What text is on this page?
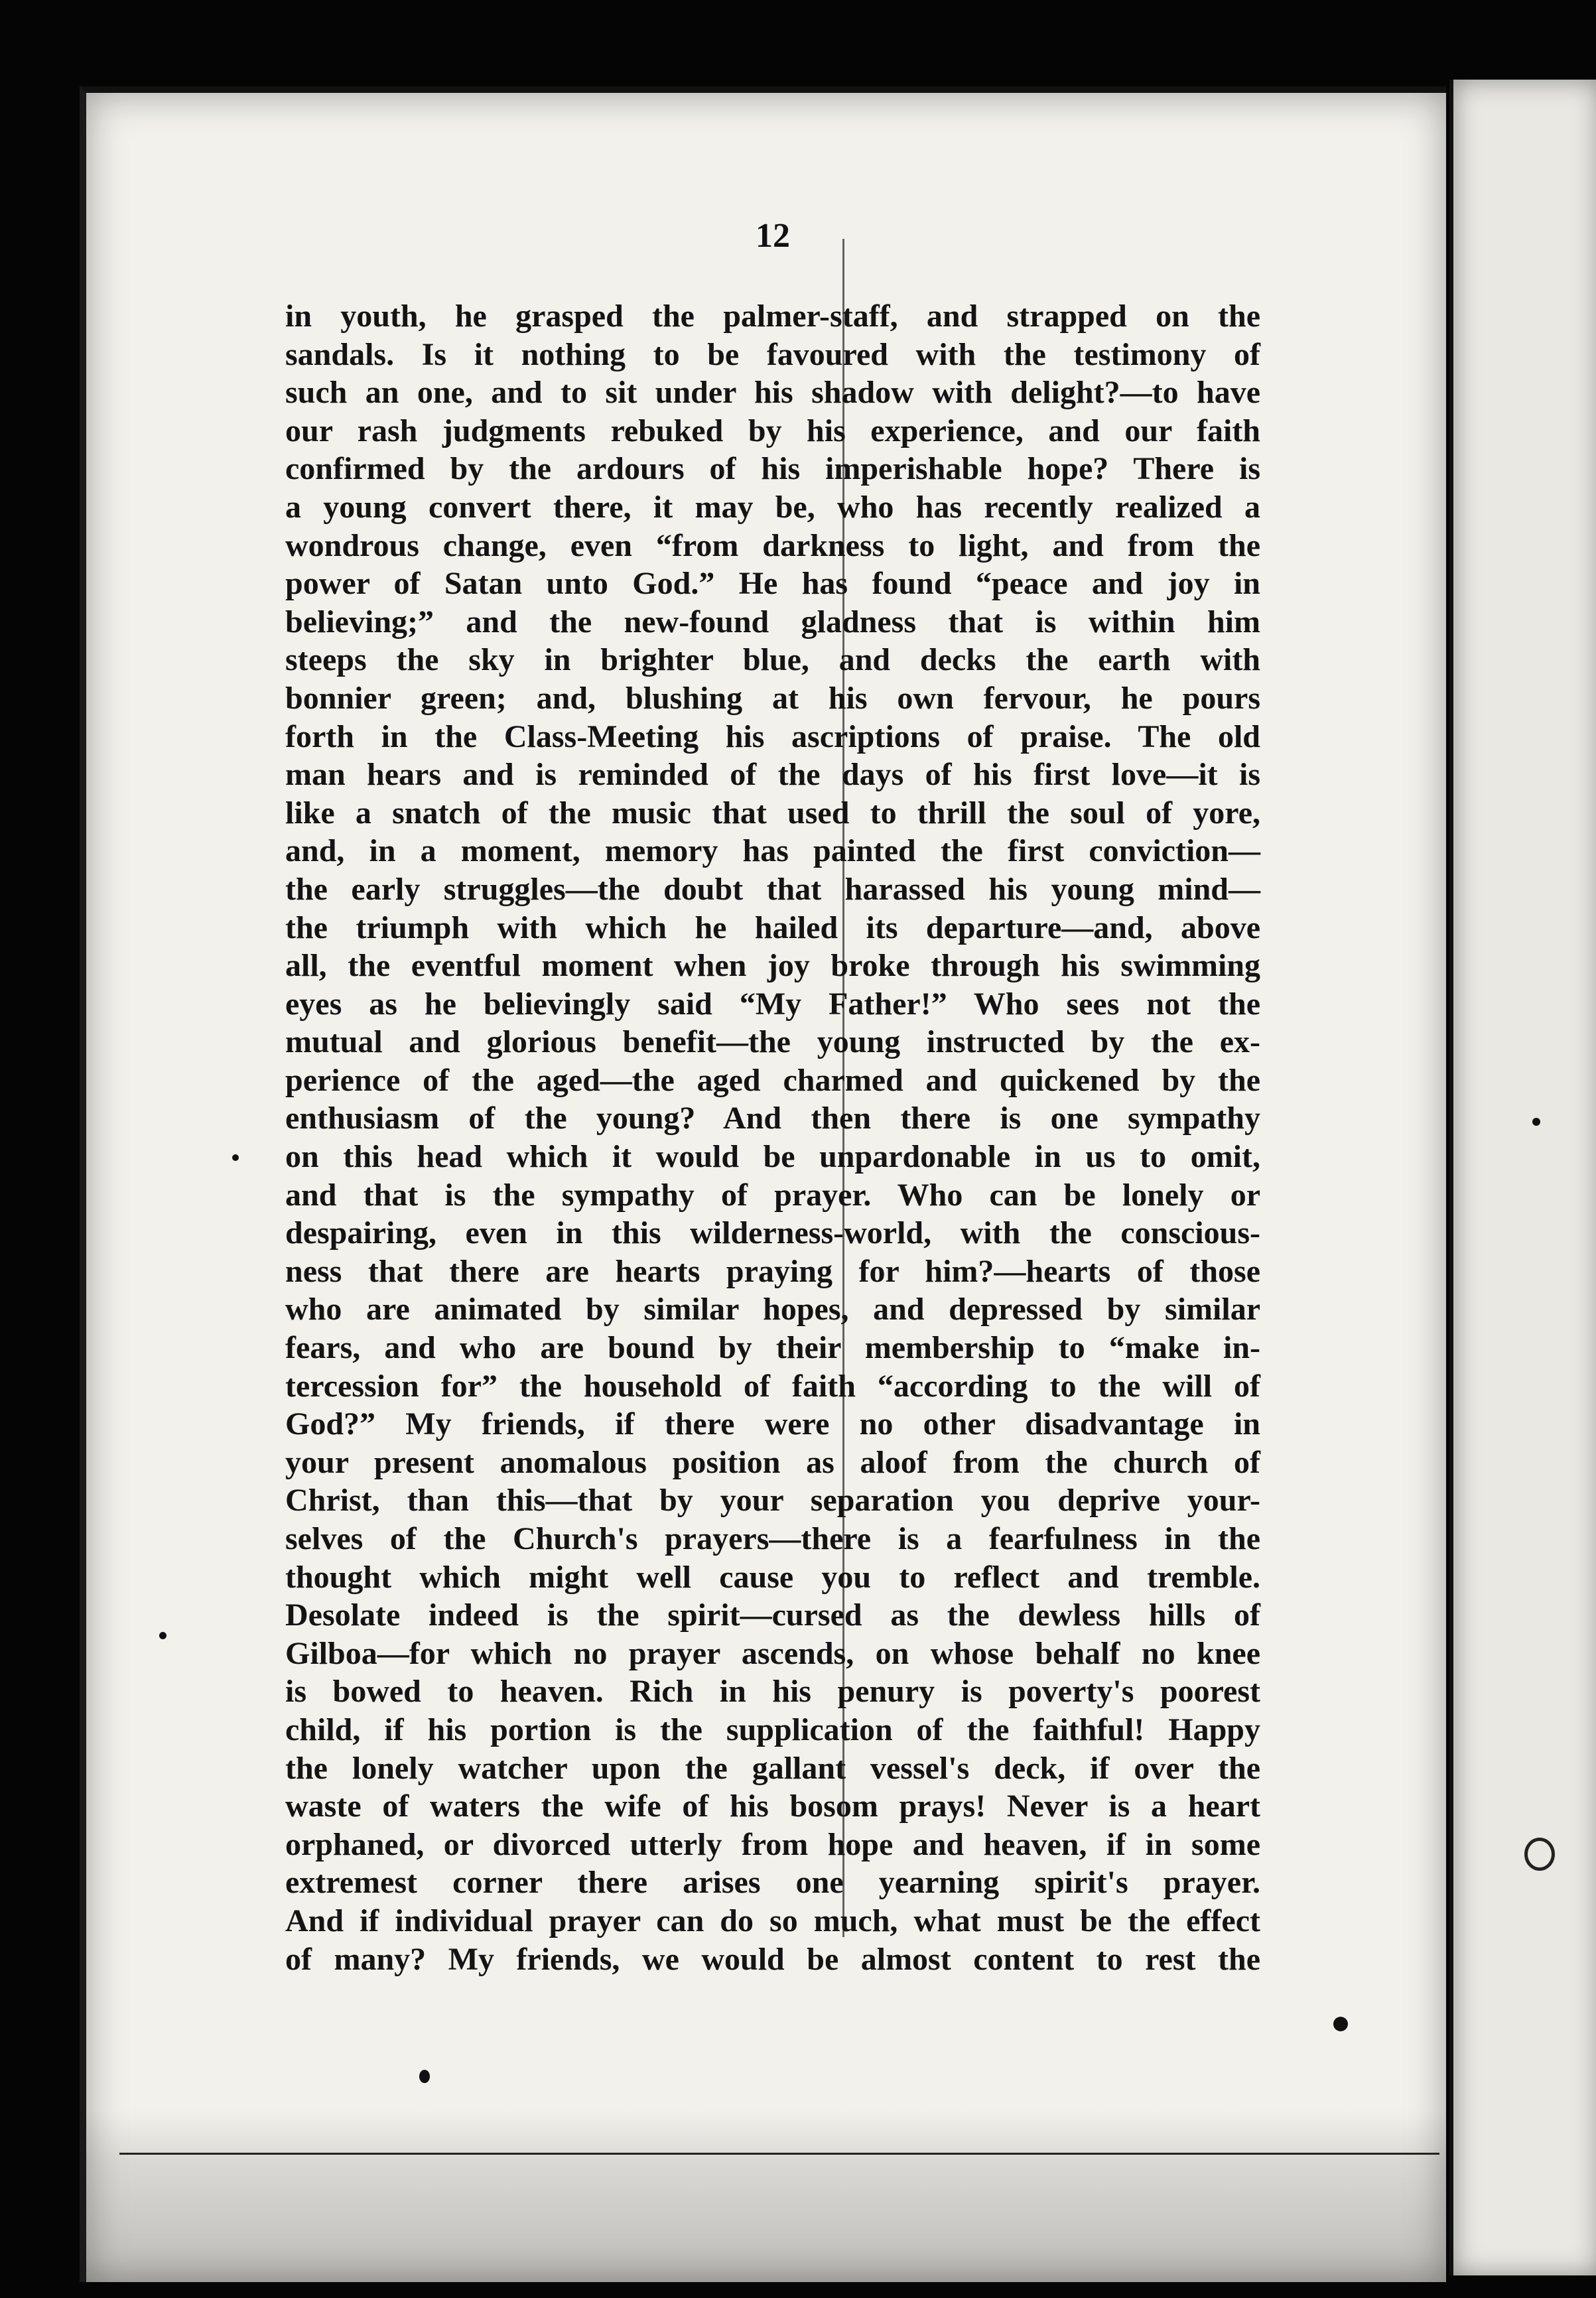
12
in youth, he grasped the palmer-staff, and strapped on the
sandals. Is it nothing to be favoured with the testimony of
such an one, and to sit under his shadow with delight?—to have
our rash judgments rebuked by his experience, and our faith
confirmed by the ardours of his imperishable hope? There is
a young convert there, it may be, who has recently realized a
wondrous change, even “from darkness to light, and from the
power of Satan unto God.” He has found “peace and joy in
believing;” and the new-found gladness that is within him
steeps the sky in brighter blue, and decks the earth with
bonnier green; and, blushing at his own fervour, he pours
forth in the Class-Meeting his ascriptions of praise. The old
man hears and is reminded of the days of his first love—it is
like a snatch of the music that used to thrill the soul of yore,
and, in a moment, memory has painted the first conviction—
the early struggles—the doubt that harassed his young mind—
the triumph with which he hailed its departure—and, above
all, the eventful moment when joy broke through his swimming
eyes as he believingly said “My Father!” Who sees not the
mutual and glorious benefit—the young instructed by the ex-
perience of the aged—the aged charmed and quickened by the
enthusiasm of the young? And then there is one sympathy
on this head which it would be unpardonable in us to omit,
and that is the sympathy of prayer. Who can be lonely or
despairing, even in this wilderness-world, with the conscious-
ness that there are hearts praying for him?—hearts of those
who are animated by similar hopes, and depressed by similar
fears, and who are bound by their membership to “make in-
tercession for” the household of faith “according to the will of
God?” My friends, if there were no other disadvantage in
your present anomalous position as aloof from the church of
Christ, than this—that by your separation you deprive your-
selves of the Church's prayers—there is a fearfulness in the
thought which might well cause you to reflect and tremble.
Desolate indeed is the spirit—cursed as the dewless hills of
Gilboa—for which no prayer ascends, on whose behalf no knee
is bowed to heaven. Rich in his penury is poverty's poorest
child, if his portion is the supplication of the faithful! Happy
the lonely watcher upon the gallant vessel's deck, if over the
waste of waters the wife of his bosom prays! Never is a heart
orphaned, or divorced utterly from hope and heaven, if in some
extremest corner there arises one yearning spirit's prayer.
And if individual prayer can do so much, what must be the effect
of many? My friends, we would be almost content to rest the
